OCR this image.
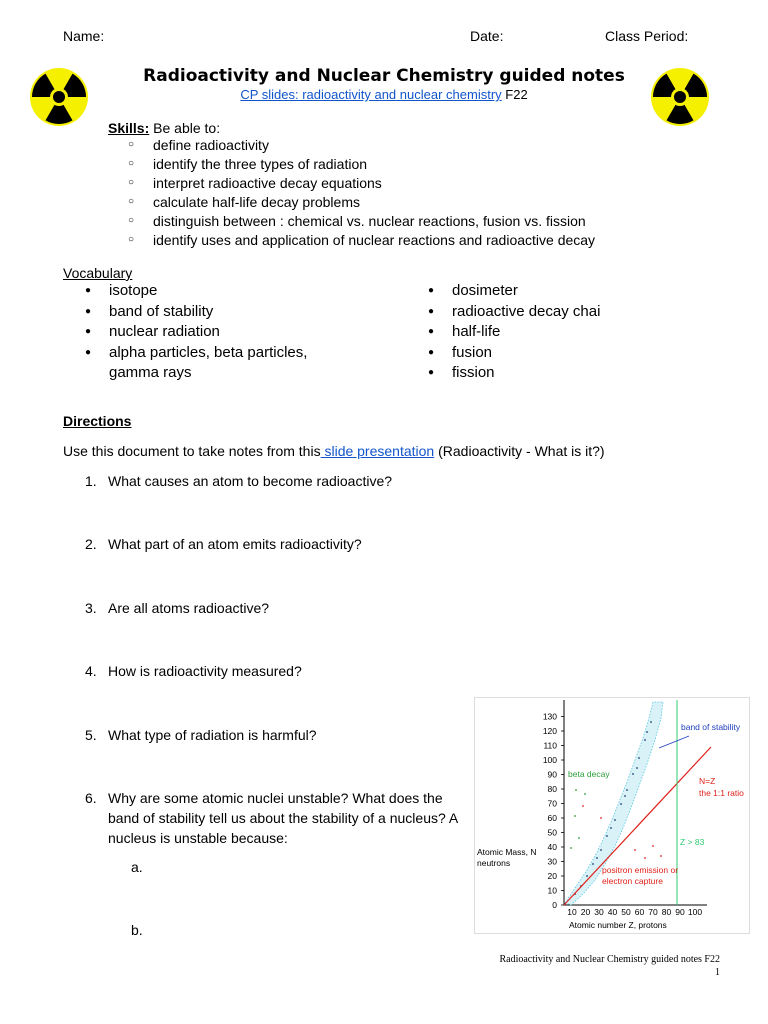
Name:	Date:	Class Period:
Radioactivity and Nuclear Chemistry guided notes
CP slides: radioactivity and nuclear chemistry F22
Skills: Be able to:
○ define radioactivity
○ identify the three types of radiation
○ interpret radioactive decay equations
○ calculate half-life decay problems
○ distinguish between : chemical vs. nuclear reactions, fusion vs. fission
○ identify uses and application of nuclear reactions and radioactive decay
Vocabulary
● isotope
● band of stability
● nuclear radiation
● alpha particles, beta particles, gamma rays
● dosimeter
● radioactive decay chai
● half-life
● fusion
● fission
Directions
Use this document to take notes from this slide presentation (Radioactivity - What is it?)
1. What causes an atom to become radioactive?
2. What part of an atom emits radioactivity?
3. Are all atoms radioactive?
4. How is radioactivity measured?
5. What type of radiation is harmful?
6. Why are some atomic nuclei unstable? What does the band of stability tell us about the stability of a nucleus? A nucleus is unstable because:
a.
b.
0
10
20
30
40
50
60
70
80
90
100
110
120
130
10 20 30 40 50 60 70 80 90 100
Atomic number Z, protons
Atomic Mass, N
neutrons
band of stability
beta decay
N=Z
the 1:1 ratio
Z > 83
positron emission or
electron capture
Radioactivity and Nuclear Chemistry guided notes F22
1
